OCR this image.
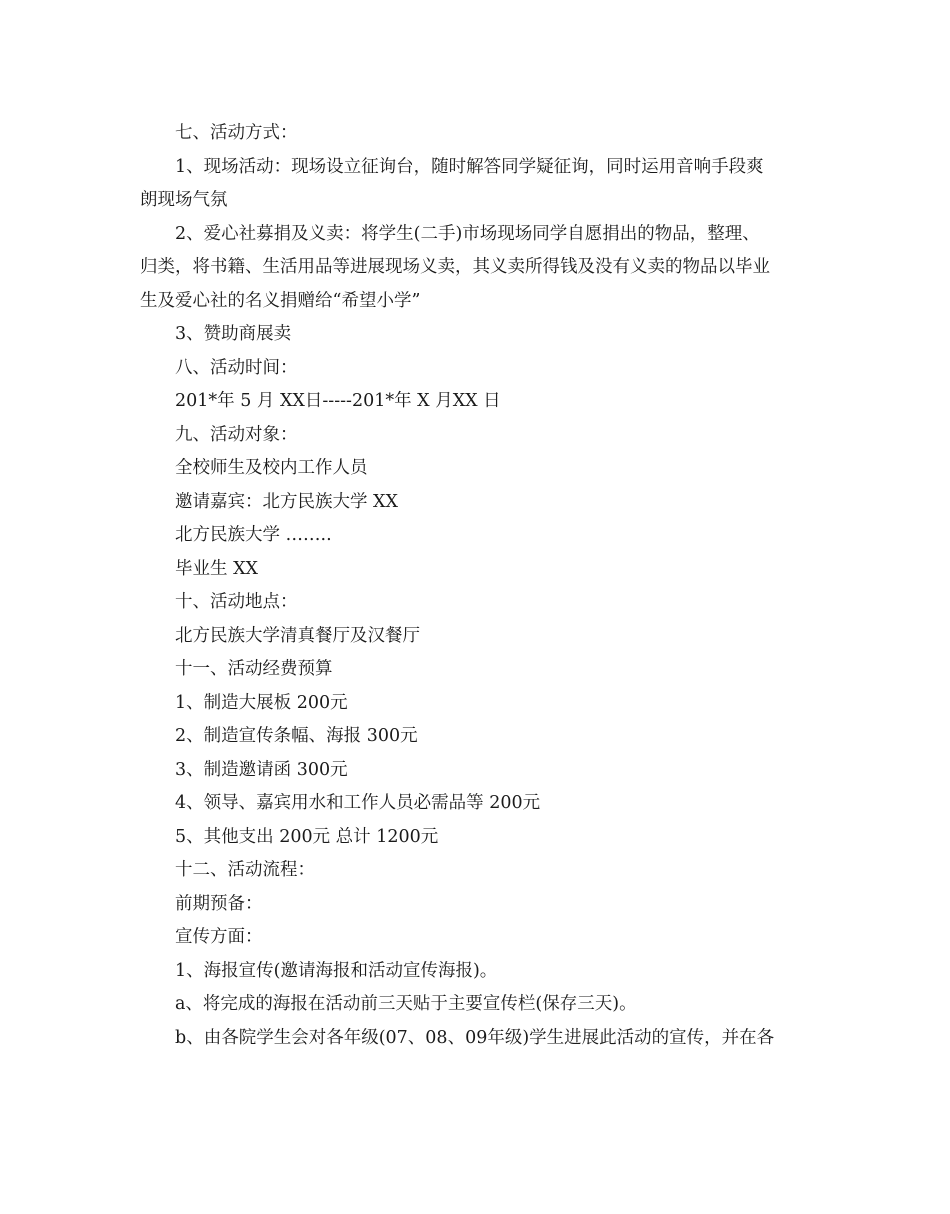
七、活动方式：
1、现场活动：现场设立征询台，随时解答同学疑征询，同时运用音响手段爽
朗现场气氛
2、爱心社募捐及义卖：将学生(二手)市场现场同学自愿捐出的物品，整理、
归类，将书籍、生活用品等进展现场义卖，其义卖所得钱及没有义卖的物品以毕业
生及爱心社的名义捐赠给“希望小学”
3、赞助商展卖
八、活动时间：
201*年 5 月 XX日-----201*年 X 月XX 日
九、活动对象：
全校师生及校内工作人员
邀请嘉宾：北方民族大学 XX
北方民族大学 ……..
毕业生 XX
十、活动地点：
北方民族大学清真餐厅及汉餐厅
十一、活动经费预算
1、制造大展板 200元
2、制造宣传条幅、海报 300元
3、制造邀请函 300元
4、领导、嘉宾用水和工作人员必需品等 200元
5、其他支出 200元 总计 1200元
十二、活动流程：
前期预备：
宣传方面：
1、海报宣传(邀请海报和活动宣传海报)。
a、将完成的海报在活动前三天贴于主要宣传栏(保存三天)。
b、由各院学生会对各年级(07、08、09年级)学生进展此活动的宣传，并在各
